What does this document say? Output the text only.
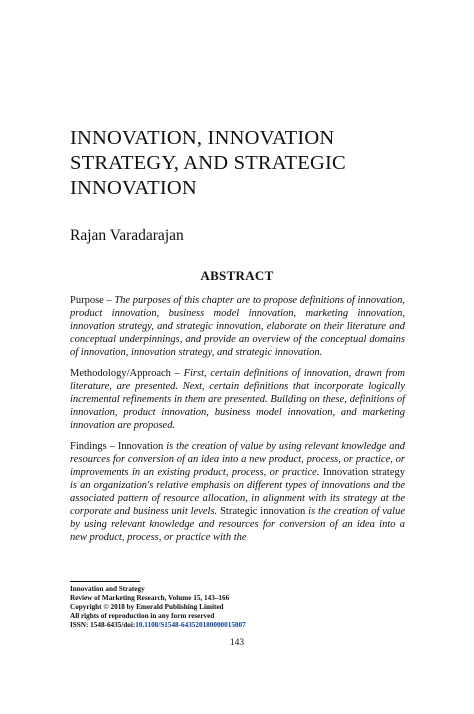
INNOVATION, INNOVATION STRATEGY, AND STRATEGIC INNOVATION

Rajan Varadarajan

ABSTRACT

Purpose – The purposes of this chapter are to propose definitions of innovation, product innovation, business model innovation, marketing innovation, innovation strategy, and strategic innovation, elaborate on their literature and conceptual underpinnings, and provide an overview of the conceptual domains of innovation, innovation strategy, and strategic innovation.

Methodology/Approach – First, certain definitions of innovation, drawn from literature, are presented. Next, certain definitions that incorporate logically incremental refinements in them are presented. Building on these, definitions of innovation, product innovation, business model innovation, and marketing innovation are proposed.

Findings – Innovation is the creation of value by using relevant knowledge and resources for conversion of an idea into a new product, process, or practice, or improvements in an existing product, process, or practice. Innovation strategy is an organization's relative emphasis on different types of innovations and the associated pattern of resource allocation, in alignment with its strategy at the corporate and business unit levels. Strategic innovation is the creation of value by using relevant knowledge and resources for conversion of an idea into a new product, process, or practice with the

Innovation and Strategy
Review of Marketing Research, Volume 15, 143–166
Copyright © 2018 by Emerald Publishing Limited
All rights of reproduction in any form reserved
ISSN: 1548-6435/doi:10.1108/S1548-643520180000015007
143
